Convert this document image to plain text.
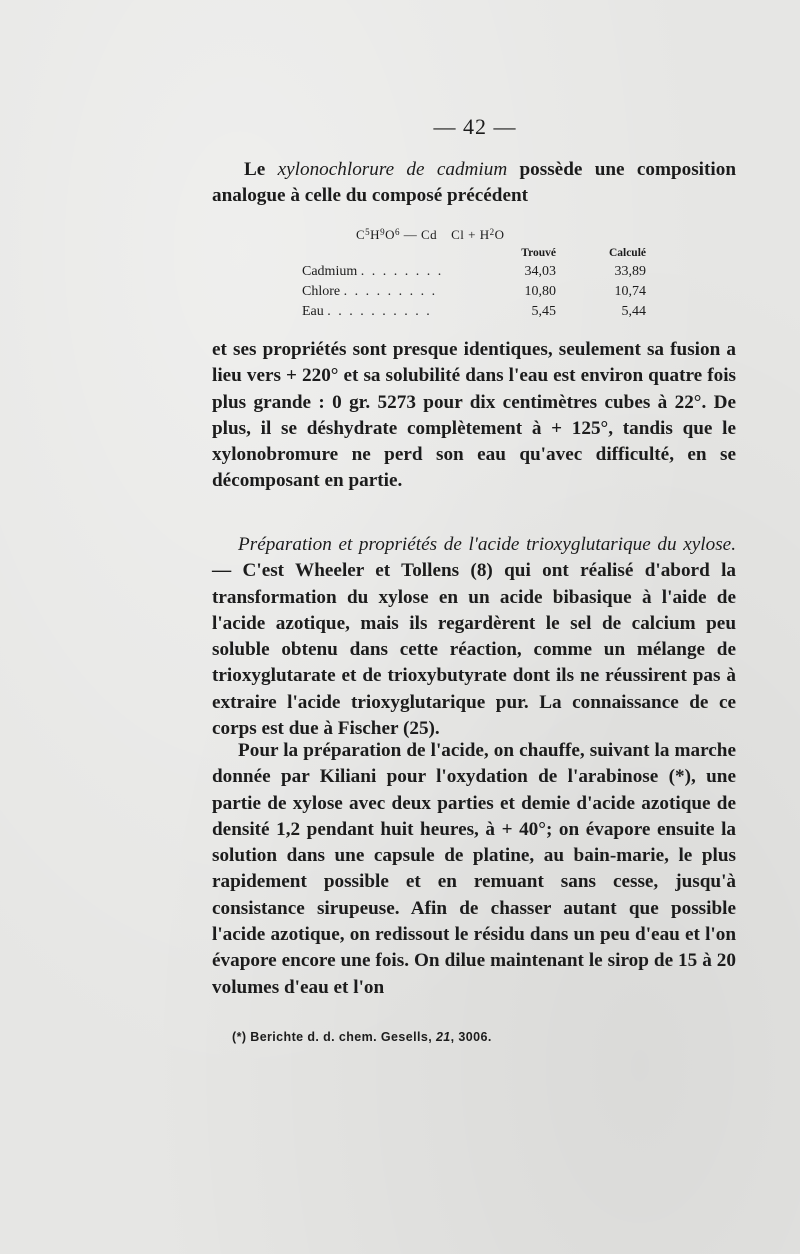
— 42 —
Le xylonochlorure de cadmium possède une composition analogue à celle du composé précédent
$C^5H^9O^6$ — Cd $Cl + H^2O$
Trouvé	Calculé
Cadmium . . . . . . . .	34,03	33,89
Chlore . . . . . . . . .	10,80	10,74
Eau . . . . . . . . . .	5,45	5,44
et ses propriétés sont presque identiques, seulement sa fusion a lieu vers + 220° et sa solubilité dans l'eau est environ quatre fois plus grande : 0 gr. 5273 pour dix centimètres cubes à 22°. De plus, il se déshydrate complètement à + 125°, tandis que le xylonobromure ne perd son eau qu'avec difficulté, en se décomposant en partie.
Préparation et propriétés de l'acide trioxyglutarique du xylose. — C'est Wheeler et Tollens (8) qui ont réalisé d'abord la transformation du xylose en un acide bibasique à l'aide de l'acide azotique, mais ils regardèrent le sel de calcium peu soluble obtenu dans cette réaction, comme un mélange de trioxyglutarate et de trioxybutyrate dont ils ne réussirent pas à extraire l'acide trioxyglutarique pur. La connaissance de ce corps est due à Fischer (25).
Pour la préparation de l'acide, on chauffe, suivant la marche donnée par Kiliani pour l'oxydation de l'arabinose (*), une partie de xylose avec deux parties et demie d'acide azotique de densité 1,2 pendant huit heures, à + 40°; on évapore ensuite la solution dans une capsule de platine, au bain-marie, le plus rapidement possible et en remuant sans cesse, jusqu'à consistance sirupeuse. Afin de chasser autant que possible l'acide azotique, on redissout le résidu dans un peu d'eau et l'on évapore encore une fois. On dilue maintenant le sirop de 15 à 20 volumes d'eau et l'on
(*) Berichte d. d. chem. Gesells, 21, 3006.
